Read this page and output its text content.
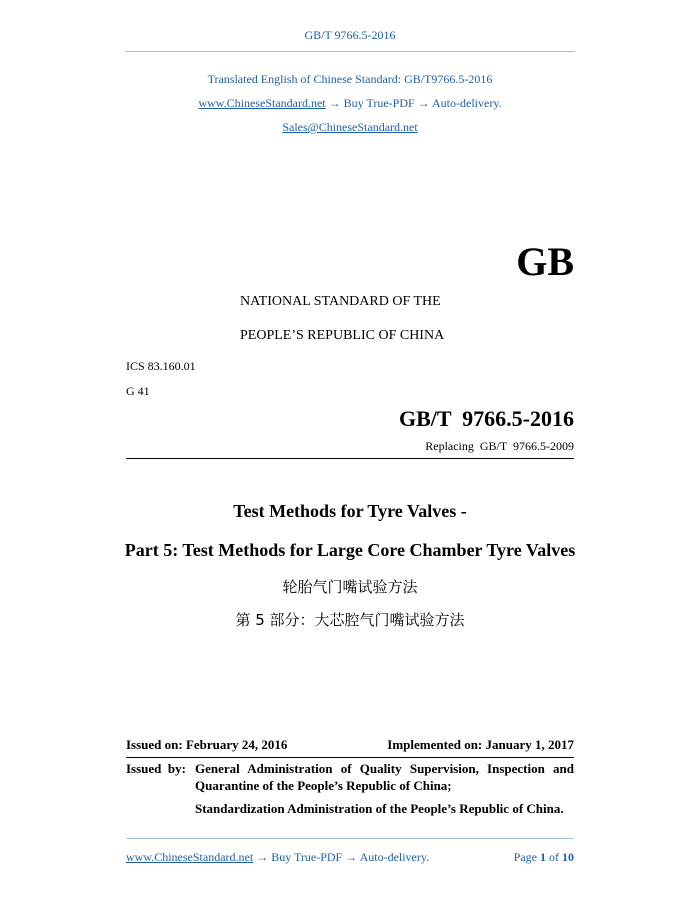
GB/T 9766.5-2016
Translated English of Chinese Standard: GB/T9766.5-2016
www.ChineseStandard.net → Buy True-PDF → Auto-delivery.
Sales@ChineseStandard.net
GB
NATIONAL STANDARD OF THE
PEOPLE’S REPUBLIC OF CHINA
ICS 83.160.01
G 41
GB/T  9766.5-2016
Replacing  GB/T  9766.5-2009
Test Methods for Tyre Valves -
Part 5: Test Methods for Large Core Chamber Tyre Valves
轮胎气门嘴试验方法
第 5 部分：大芯腔气门嘴试验方法
Issued on: February 24, 2016	Implemented on: January 1, 2017
Issued  by: General Administration of Quality Supervision, Inspection and
Quarantine of the People’s Republic of China;
Standardization Administration of the People’s Republic of China.
www.ChineseStandard.net → Buy True-PDF → Auto-delivery.	Page 1 of 10
